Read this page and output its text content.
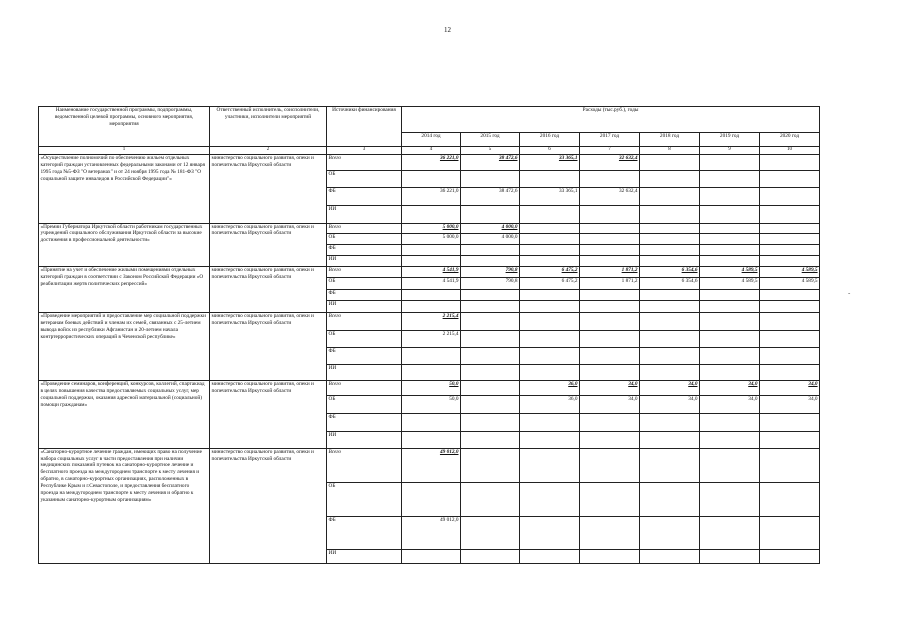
12
Наименование государственной программы, подпрограммы, ведомственной целевой программы, основного мероприятия, мероприятия	Ответственный исполнитель, соисполнители, участники, исполнители мероприятий	Источники финансирования	Расходы (тыс.руб.), годы						
			2014 год	2015 год	2016 год	2017 год	2018 год	2019 год	2020 год
1	2	3	4	5	6	7	8	9	10
«Осуществление полномочий по обеспечению жильем отдельных категорий граждан установленных федеральными законами от 12 января 1995 года №5-ФЗ "О ветеранах" и от 24 ноября 1995 года № 181-ФЗ "О социальной защите инвалидов в Российской Федерации"»	министерство социального развития, опеки и попечительства Иркутской области	Всего	36 221,0	38 472,6	33 365,1	32 632,4			
		ОБ							
		ФБ	36 221,0	38 472,6	33 365,1	32 632,4			
		ИИ							
«Премии Губернатора Иркутской области работникам государственных учреждений социального обслуживания Иркутской области за высокие достижения в профессиональной деятельности»	министерство социального развития, опеки и попечительства Иркутской области	Всего	5 000,0	4 000,0					
		ОБ	5 000,0	4 000,0					
		ФБ							
		ИИ							
«Принятие на учет и обеспечение жилыми помещениями отдельных категорий граждан в соответствии с Законом Российской Федерации «О реабилитации жертв политических репрессий»	министерство социального развития, опеки и попечительства Иркутской области	Всего	4 541,9	790,8	6 475,2	1 871,2	6 354,6	4 589,5	4 589,5
		ОБ	4 541,9	790,8	6 475,2	1 871,2	6 354,6	4 589,5	4 589,5
		ФБ							
		ИИ							
«Проведение мероприятий и предоставление мер социальной поддержки ветеранам боевых действий и членам их семей, связанных с 25-летием вывода войск из республики Афганистан и 20-летием начала контртеррористических операций в Чеченской республике»	министерство социального развития, опеки и попечительства Иркутской области	Всего	2 215,4						
		ОБ	2 215,4						
		ФБ							
		ИИ							
«Проведение семинаров, конференций, конкурсов, коллегий, спартакиад в целях повышения качества предоставляемых социальных услуг, мер социальной поддержки, оказания адресной материальной (социальной) помощи гражданам»	министерство социального развития, опеки и попечительства Иркутской области	Всего	50,0		36,0	34,0	34,0	34,0	34,0
		ОБ	50,0		36,0	34,0	34,0	34,0	34,0
		ФБ							
		ИИ							
«Санаторно-курортное лечение граждан, имеющих право на получение набора социальных услуг в части предоставления при наличии медицинских показаний путевок на санаторно-курортное лечение и бесплатного проезда на междугороднем транспорте к месту лечения и обратно, в санаторно-курортных организациях, расположенных в Республике Крым и г.Севастополе, и предоставления бесплатного проезда на междугороднем транспорте к месту лечения и обратно к указанным санаторно-курортным организациям»	министерство социального развития, опеки и попечительства Иркутской области	Всего	49 012,0						
		ОБ							
		ФБ	49 012,0						
		ИИ							
-
